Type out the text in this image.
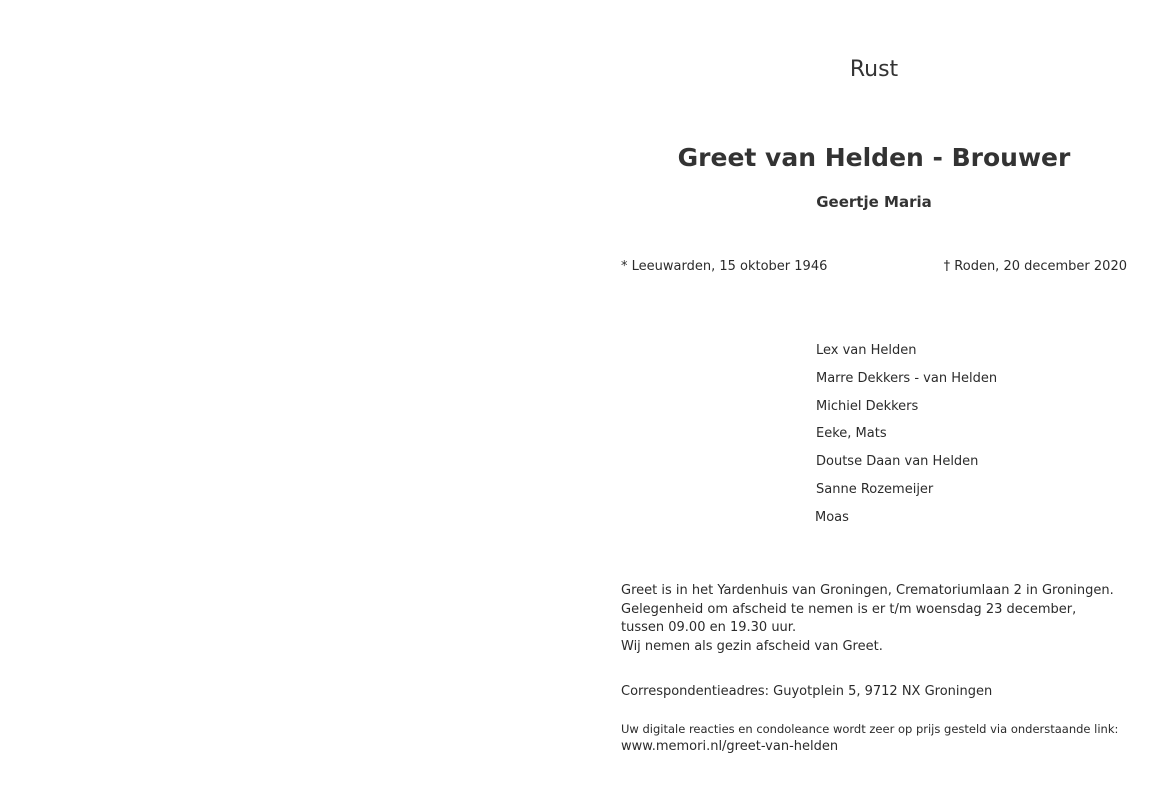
Rust
Greet van Helden - Brouwer
Geertje Maria
* Leeuwarden, 15 oktober 1946	† Roden, 20 december 2020
Lex van Helden
Marre Dekkers - van Helden
Michiel Dekkers
Eeke, Mats
Doutse Daan van Helden
Sanne Rozemeijer
Moas
Greet is in het Yardenhuis van Groningen, Crematoriumlaan 2 in Groningen.
Gelegenheid om afscheid te nemen is er t/m woensdag 23 december,
tussen 09.00 en 19.30 uur.
Wij nemen als gezin afscheid van Greet.
Correspondentieadres: Guyotplein 5, 9712 NX Groningen
Uw digitale reacties en condoleance wordt zeer op prijs gesteld via onderstaande link:
www.memori.nl/greet-van-helden
